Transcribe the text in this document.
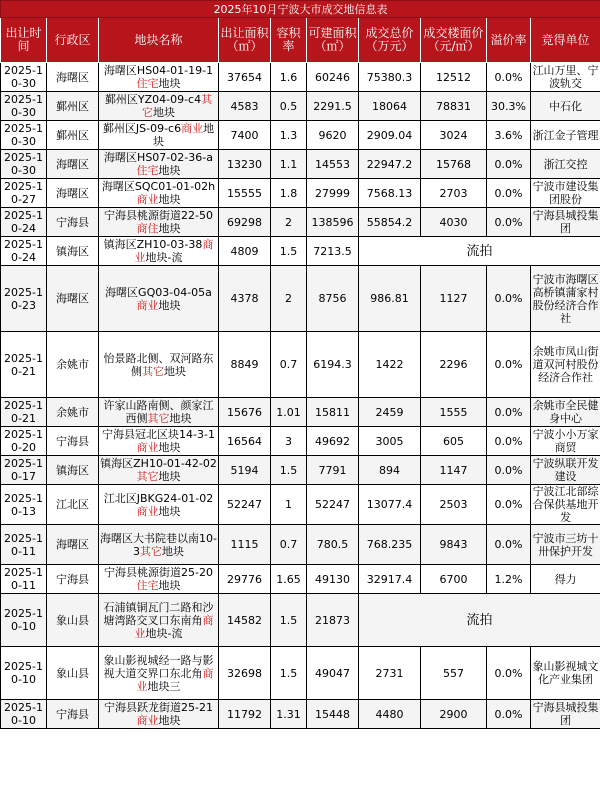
2025年10月宁波大市成交地信息表									
出让时间	行政区	地块名称	出让面积（㎡）	容积率	可建面积（㎡）	成交总价（万元）	成交楼面价（元/㎡）	溢价率	竞得单位
2025-10-30	海曙区	海曙区HS04-01-19-1住宅地块	37654	1.6	60246	75380.3	12512	0.0%	江山万里、宁波轨交
2025-10-30	鄞州区	鄞州区YZ04-09-c4其它地块	4583	0.5	2291.5	18064	78831	30.3%	中石化
2025-10-30	鄞州区	鄞州区JS-09-c6商业地块	7400	1.3	9620	2909.04	3024	3.6%	浙江金子管理
2025-10-30	海曙区	海曙区HS07-02-36-a住宅地块	13230	1.1	14553	22947.2	15768	0.0%	浙江交控
2025-10-27	海曙区	海曙区SQC01-01-02h商业地块	15555	1.8	27999	7568.13	2703	0.0%	宁波市建设集团股份
2025-10-24	宁海县	宁海县桃源街道22-50商住地块	69298	2	138596	55854.2	4030	0.0%	宁海县城投集团
2025-10-24	镇海区	镇海区ZH10-03-38商业地块-流	4809	1.5	7213.5	流拍			
2025-10-23	海曙区	海曙区GQ03-04-05a商业地块	4378	2	8756	986.81	1127	0.0%	宁波市海曙区高桥镇蒲家村股份经济合作社
2025-10-21	余姚市	怡景路北侧、双河路东侧其它地块	8849	0.7	6194.3	1422	2296	0.0%	余姚市凤山街道双河村股份经济合作社
2025-10-21	余姚市	许家山路南侧、颜家江西侧其它地块	15676	1.01	15811	2459	1555	0.0%	余姚市全民健身中心
2025-10-20	宁海县	宁海县冠北区块14-3-1商业地块	16564	3	49692	3005	605	0.0%	宁波小小万家商贸
2025-10-17	镇海区	镇海区ZH10-01-42-02其它地块	5194	1.5	7791	894	1147	0.0%	宁波纵联开发建设
2025-10-13	江北区	江北区JBKG24-01-02商业地块	52247	1	52247	13077.4	2503	0.0%	宁波江北部综合保供基地开发
2025-10-11	海曙区	海曙区大书院巷以南10-3其它地块	1115	0.7	780.5	768.235	9843	0.0%	宁波市三坊十卅保护开发
2025-10-11	宁海县	宁海县桃源街道25-20住宅地块	29776	1.65	49130	32917.4	6700	1.2%	得力
2025-10-10	象山县	石浦镇铜瓦门二路和沙塘湾路交叉口东南角商业地块-流	14582	1.5	21873	流拍			
2025-10-10	象山县	象山影视城经一路与影视大道交界口东北角商业地块三	32698	1.5	49047	2731	557	0.0%	象山影视城文化产业集团
2025-10-10	宁海县	宁海县跃龙街道25-21商业地块	11792	1.31	15448	4480	2900	0.0%	宁海县城投集团
